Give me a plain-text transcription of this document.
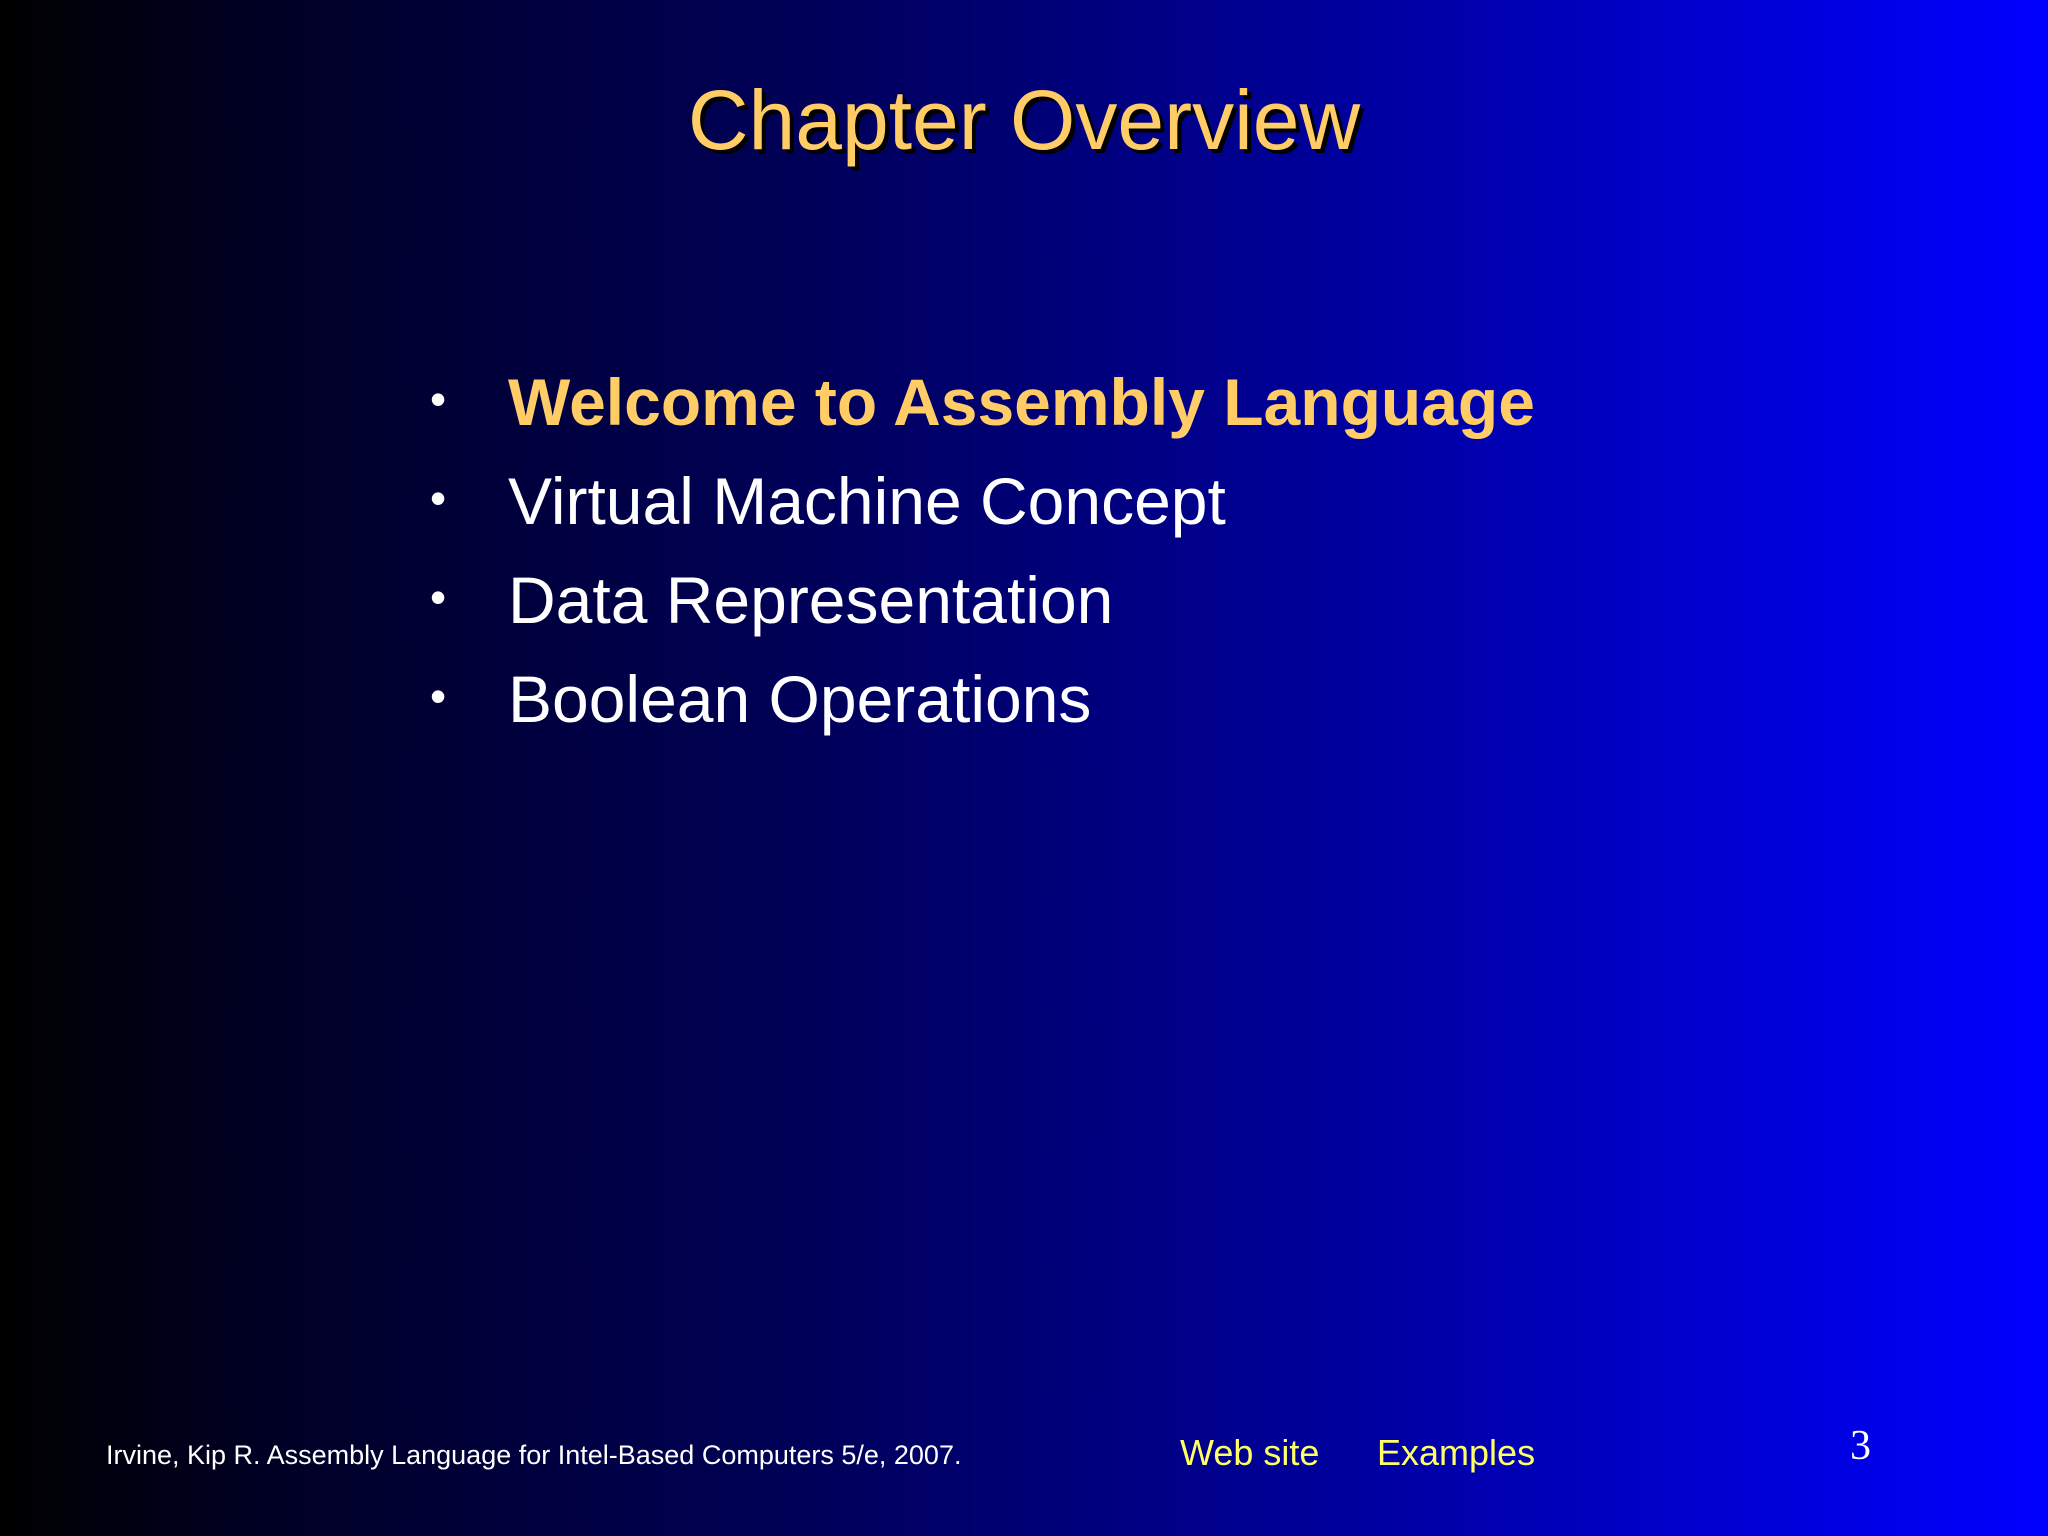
Chapter Overview
• Welcome to Assembly Language
• Virtual Machine Concept
• Data Representation
• Boolean Operations
Irvine, Kip R. Assembly Language for Intel-Based Computers 5/e, 2007.	Web site Examples	3
